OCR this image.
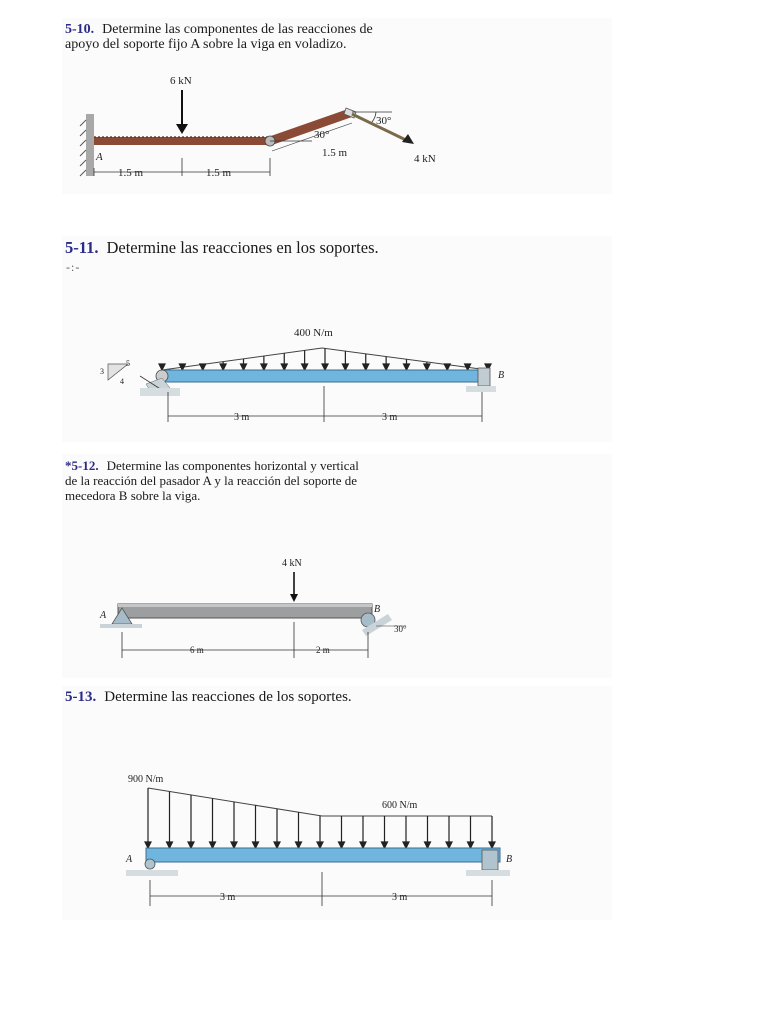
5-10. Determine las componentes de las reacciones de
apoyo del soporte fijo A sobre la viga en voladizo.
6 kN
30°
30°
1.5 m	4 kN
A
1.5 m	1.5 m
5-11. Determine las reacciones en los soportes.
-:-
400 N/m
5
3
4
B
3 m	3 m
*5-12. Determine las componentes horizontal y vertical
de la reacción del pasador A y la reacción del soporte de
mecedora B sobre la viga.
4 kN
A
B
30°
6 m	2 m
5-13. Determine las reacciones de los soportes.
900 N/m
600 N/m
A	B
3 m	3 m
